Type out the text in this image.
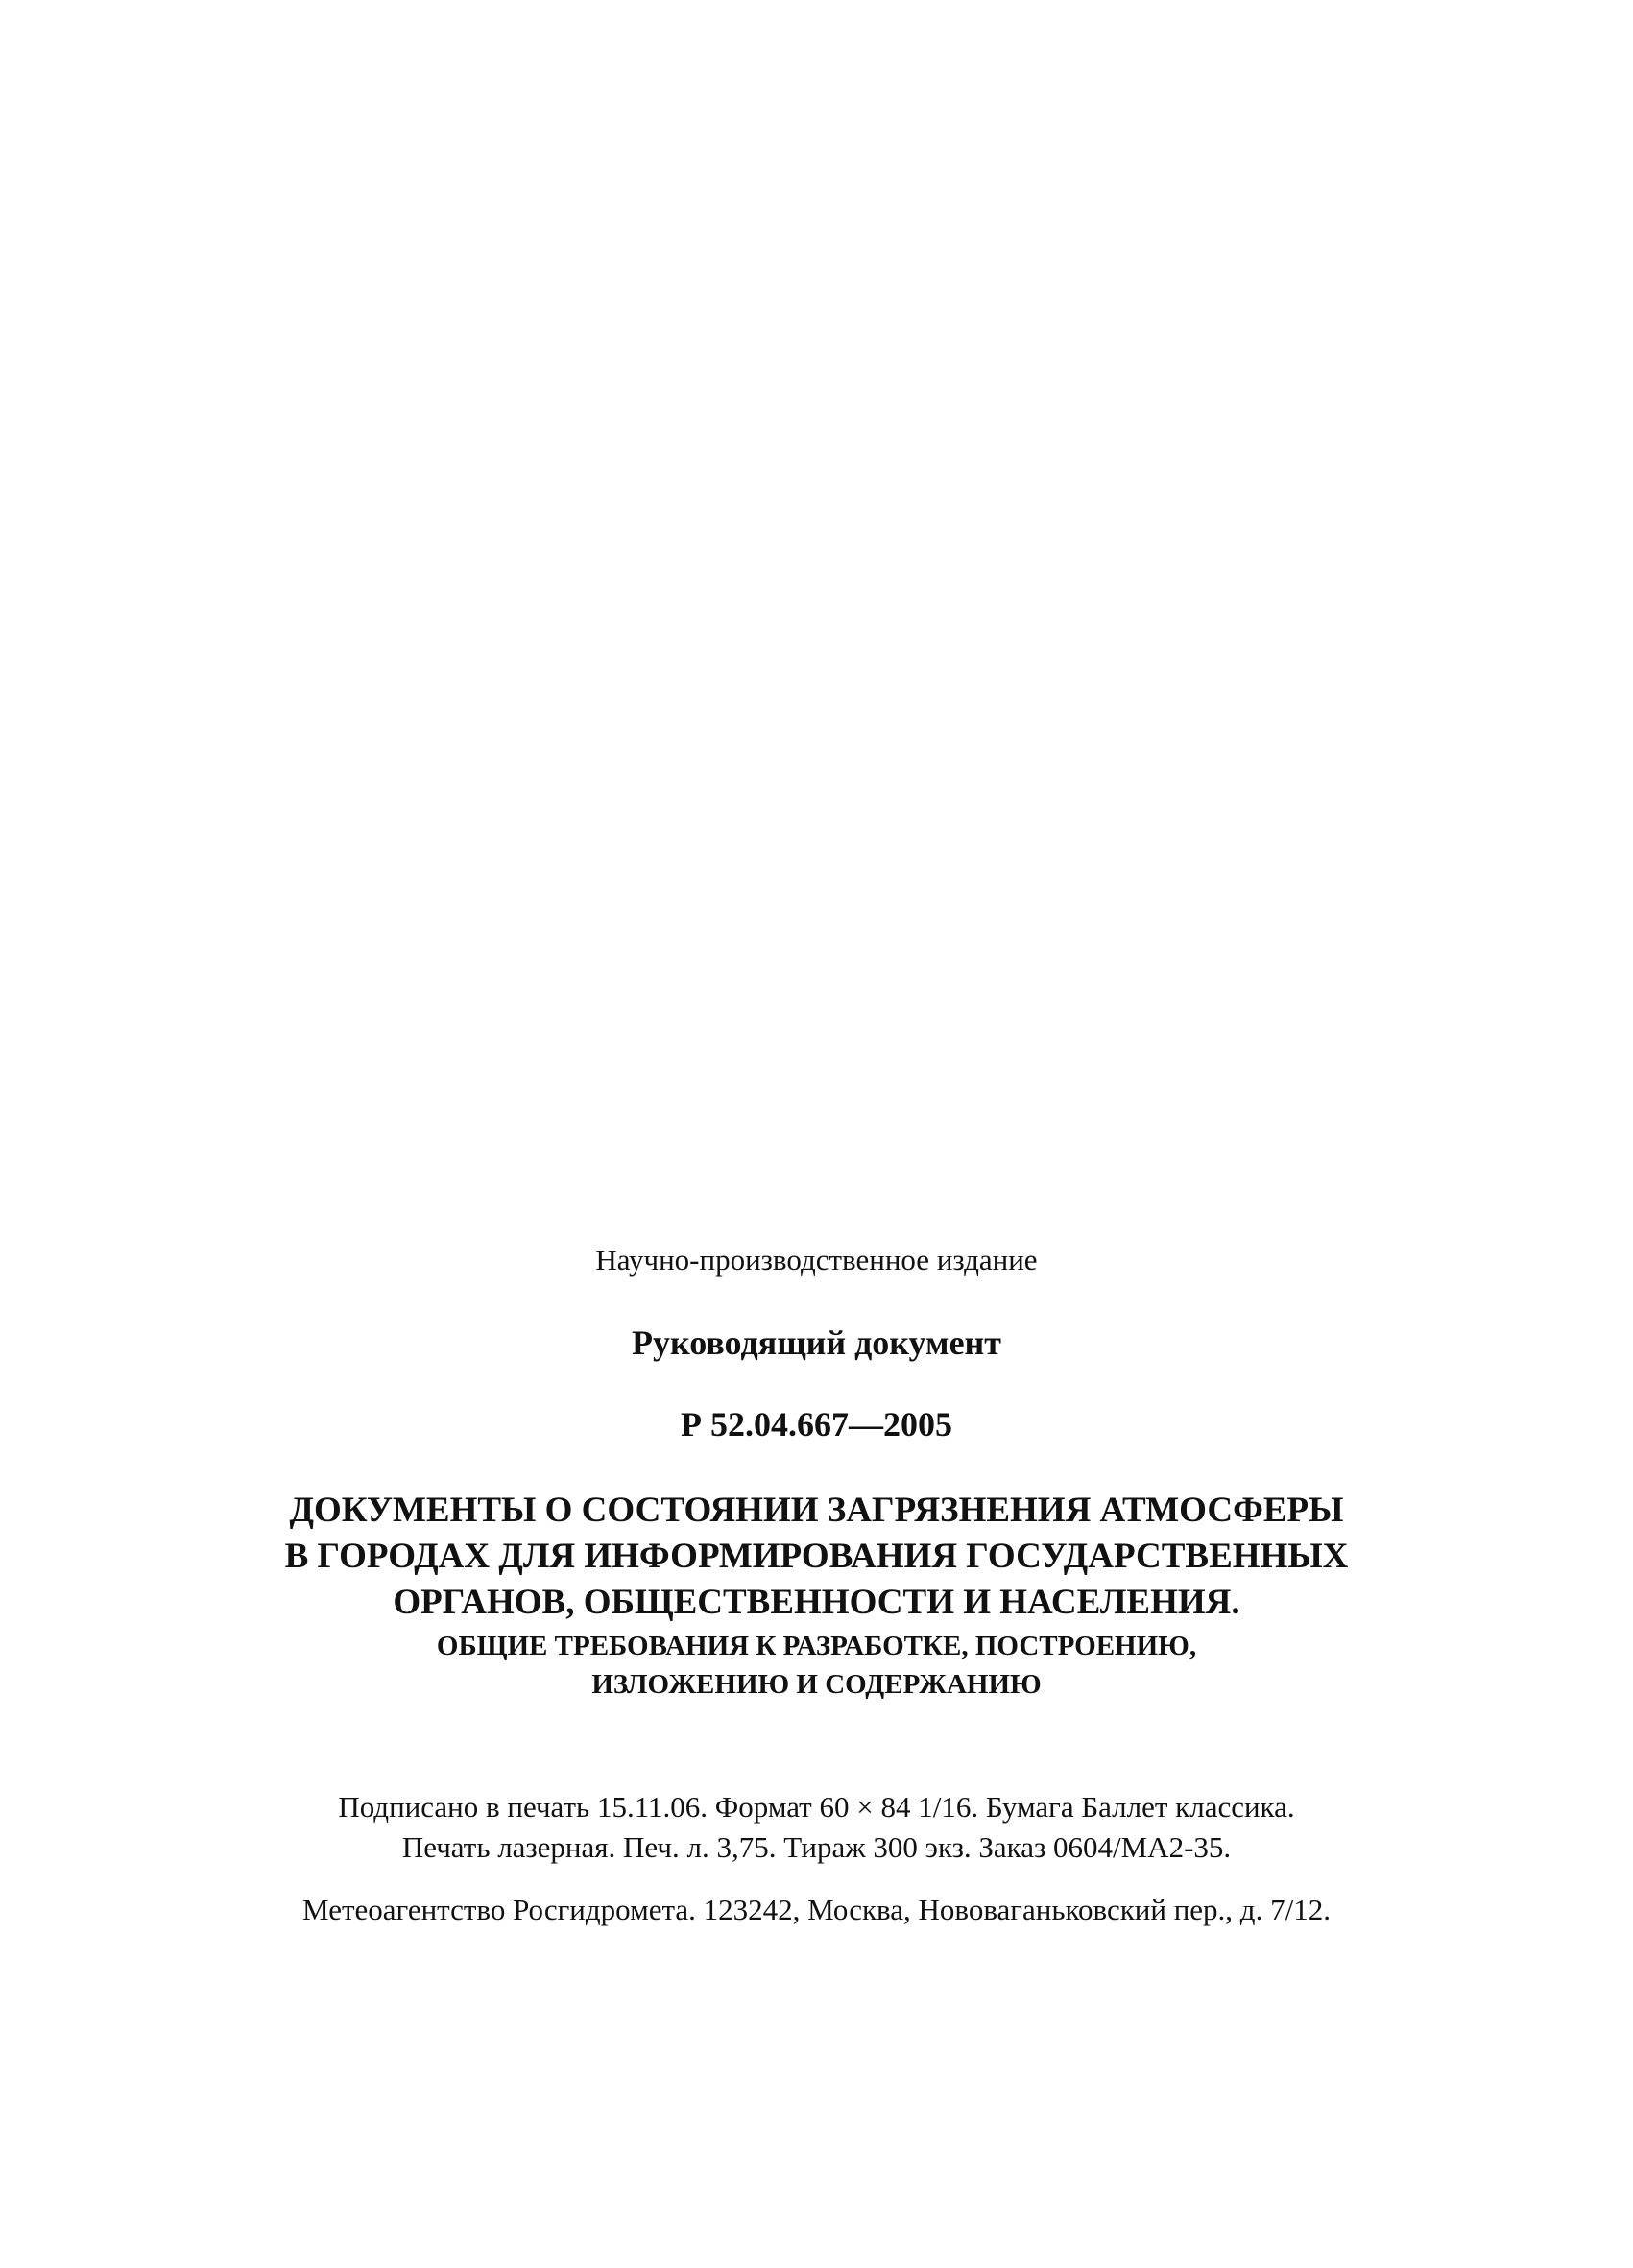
Научно-производственное издание
Руководящий документ
Р 52.04.667—2005
ДОКУМЕНТЫ О СОСТОЯНИИ ЗАГРЯЗНЕНИЯ АТМОСФЕРЫ
В ГОРОДАХ ДЛЯ ИНФОРМИРОВАНИЯ ГОСУДАРСТВЕННЫХ
ОРГАНОВ, ОБЩЕСТВЕННОСТИ И НАСЕЛЕНИЯ.
ОБЩИЕ ТРЕБОВАНИЯ К РАЗРАБОТКЕ, ПОСТРОЕНИЮ,
ИЗЛОЖЕНИЮ И СОДЕРЖАНИЮ
Подписано в печать 15.11.06. Формат 60 × 84 1/16. Бумага Баллет классика.
Печать лазерная. Печ. л. 3,75. Тираж 300 экз. Заказ 0604/МА2-35.
Метеоагентство Росгидромета. 123242, Москва, Нововаганьковский пер., д. 7/12.
